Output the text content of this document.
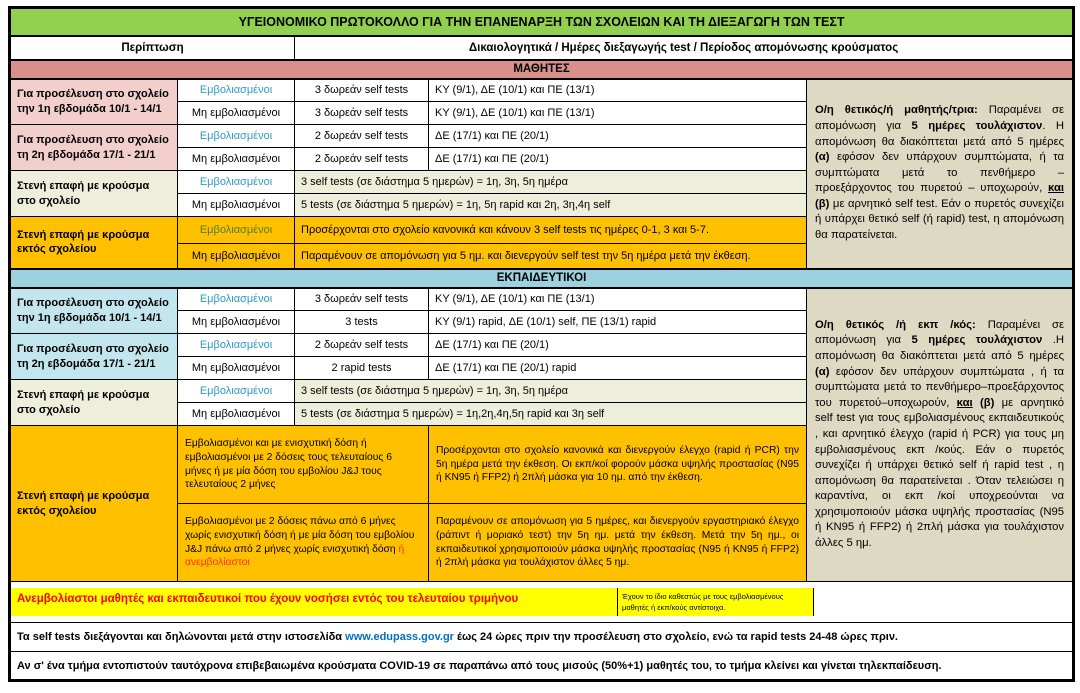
ΥΓΕΙΟΝΟΜΙΚΟ ΠΡΩΤΟΚΟΛΛΟ ΓΙΑ ΤΗΝ ΕΠΑΝΕΝΑΡΞΗ ΤΩΝ ΣΧΟΛΕΙΩΝ ΚΑΙ ΤΗ ΔΙΕΞΑΓΩΓΗ ΤΩΝ ΤΕΣΤ				
Περίπτωση		Δικαιολογητικά / Ημέρες διεξαγωγής test / Περίοδος απομόνωσης κρούσματος		
ΜΑΘΗΤΕΣ				
Για προσέλευση στο σχολείο την 1η εβδομάδα 10/1 - 14/1	Εμβολιασμένοι	3 δωρεάν self tests	ΚΥ (9/1), ΔΕ (10/1) και ΠΕ (13/1)	Ο/η θετικός/ή μαθητής/τρια: Παραμένει σε απομόνωση για 5 ημέρες τουλάχιστον. Η απομόνωση θα διακόπτεται μετά από 5 ημέρες (α) εφόσον δεν υπάρχουν συμπτώματα, ή τα συμπτώματα μετά το πενθήμερο – προεξάρχοντος του πυρετού – υποχωρούν, και (β) με αρνητικό self test. Εάν ο πυρετός συνεχίζει ή υπάρχει θετικό self (ή rapid) test, η απομόνωση θα παρατείνεται.
	Μη εμβολιασμένοι	3 δωρεάν self tests	ΚΥ (9/1), ΔΕ (10/1) και ΠΕ (13/1)	
Για προσέλευση στο σχολείο τη 2η εβδομάδα 17/1 - 21/1	Εμβολιασμένοι	2 δωρεάν self tests	ΔΕ (17/1) και ΠΕ (20/1)	
	Μη εμβολιασμένοι	2 δωρεάν self tests	ΔΕ (17/1) και ΠΕ (20/1)	
Στενή επαφή με κρούσμα στο σχολείο	Εμβολιασμένοι	3 self tests (σε διάστημα 5 ημερών) = 1η, 3η, 5η ημέρα		
	Μη εμβολιασμένοι	5 tests (σε διάστημα 5 ημερών) = 1η, 5η rapid και 2η, 3η,4η self		
Στενή επαφή με κρούσμα εκτός σχολείου	Εμβολιασμένοι	Προσέρχονται στο σχολείο κανονικά και κάνουν 3 self tests τις ημέρες 0-1, 3 και 5-7.		
	Μη εμβολιασμένοι	Παραμένουν σε απομόνωση για 5 ημ. και διενεργούν self test την 5η ημέρα μετά την έκθεση.		
ΕΚΠΑΙΔΕΥΤΙΚΟΙ				
Για προσέλευση στο σχολείο την 1η εβδομάδα 10/1 - 14/1	Εμβολιασμένοι	3 δωρεάν self tests	ΚΥ (9/1), ΔΕ (10/1) και ΠΕ (13/1)	Ο/η θετικός /ή εκπ /κός: Παραμένει σε απομόνωση για 5 ημέρες τουλάχιστον .Η απομόνωση θα διακόπτεται μετά από 5 ημέρες (α) εφόσον δεν υπάρχουν συμπτώματα , ή τα συμπτώματα μετά το πενθήμερο–προεξάρχοντος του πυρετού–υποχωρούν, και (β) με αρνητικό self test για τους εμβολιασμένους εκπαιδευτικούς , και αρνητικό έλεγχο (rapid ή PCR) για τους μη εμβολιασμένους εκπ /κούς. Εάν ο πυρετός συνεχίζει ή υπάρχει θετικό self ή rapid test , η απομόνωση θα παρατείνεται . Όταν τελειώσει η καραντίνα, οι εκπ /κοί υποχρεούνται να χρησιμοποιούν μάσκα υψηλής προστασίας (N95 ή KN95 ή FFP2) ή 2πλή μάσκα για τουλάχιστον άλλες 5 ημ.
	Μη εμβολιασμένοι	3 tests	ΚΥ (9/1) rapid, ΔΕ (10/1) self, ΠΕ (13/1) rapid	
Για προσέλευση στο σχολείο τη 2η εβδομάδα 17/1 - 21/1	Εμβολιασμένοι	2 δωρεάν self tests	ΔΕ (17/1) και ΠΕ (20/1)	
	Μη εμβολιασμένοι	2 rapid tests	ΔΕ (17/1) και ΠΕ (20/1) rapid	
Στενή επαφή με κρούσμα στο σχολείο	Εμβολιασμένοι	3 self tests (σε διάστημα 5 ημερών) = 1η, 3η, 5η ημέρα		
	Μη εμβολιασμένοι	5 tests (σε διάστημα 5 ημερών) = 1η,2η,4η,5η rapid και 3η self		
Στενή επαφή με κρούσμα εκτός σχολείου	Εμβολιασμένοι και με ενισχυτική δόση ή εμβολιασμένοι με 2 δόσεις τους τελευταίους 6 μήνες ή με μία δόση του εμβολίου J&J τους τελευταίους 2 μήνες		Προσέρχονται στο σχολείο κανονικά και διενεργούν έλεγχο (rapid ή PCR) την 5η ημέρα μετά την έκθεση. Οι εκπ/κοί φορούν μάσκα υψηλής προστασίας (N95 ή KN95 ή FFP2) ή 2πλή μάσκα για 10 ημ. από την έκθεση.	
	Εμβολιασμένοι με 2 δόσεις πάνω από 6 μήνες χωρίς ενισχυτική δόση ή με μία δόση του εμβολίου J&J πάνω από 2 μήνες χωρίς ενισχυτική δόση ή ανεμβολίαστοι		Παραμένουν σε απομόνωση για 5 ημέρες, και διενεργούν εργαστηριακό έλεγχο (ράπιντ ή μοριακό τεστ) την 5η ημ. μετά την έκθεση. Μετά την 5η ημ., οι εκπαιδευτικοί χρησιμοποιούν μάσκα υψηλής προστασίας (N95 ή KN95 ή FFP2) ή 2πλή μάσκα για τουλάχιστον άλλες 5 ημ.	

Ανεμβολίαστοι μαθητές και εκπαιδευτικοί που έχουν νοσήσει εντός του τελευταίου τριμήνου Έχουν το ίδιο καθεστώς με τους εμβολιασμένους μαθητές ή εκπ/κούς αντίστοιχα.				

Τα self tests διεξάγονται και δηλώνονται μετά στην ιστοσελίδα www.edupass.gov.gr έως 24 ώρες πριν την προσέλευση στο σχολείο, ενώ τα rapid tests 24-48 ώρες πριν.				
Αν σ' ένα τμήμα εντοπιστούν ταυτόχρονα επιβεβαιωμένα κρούσματα COVID-19 σε παραπάνω από τους μισούς (50%+1) μαθητές του, το τμήμα κλείνει και γίνεται τηλεκπαίδευση.				
